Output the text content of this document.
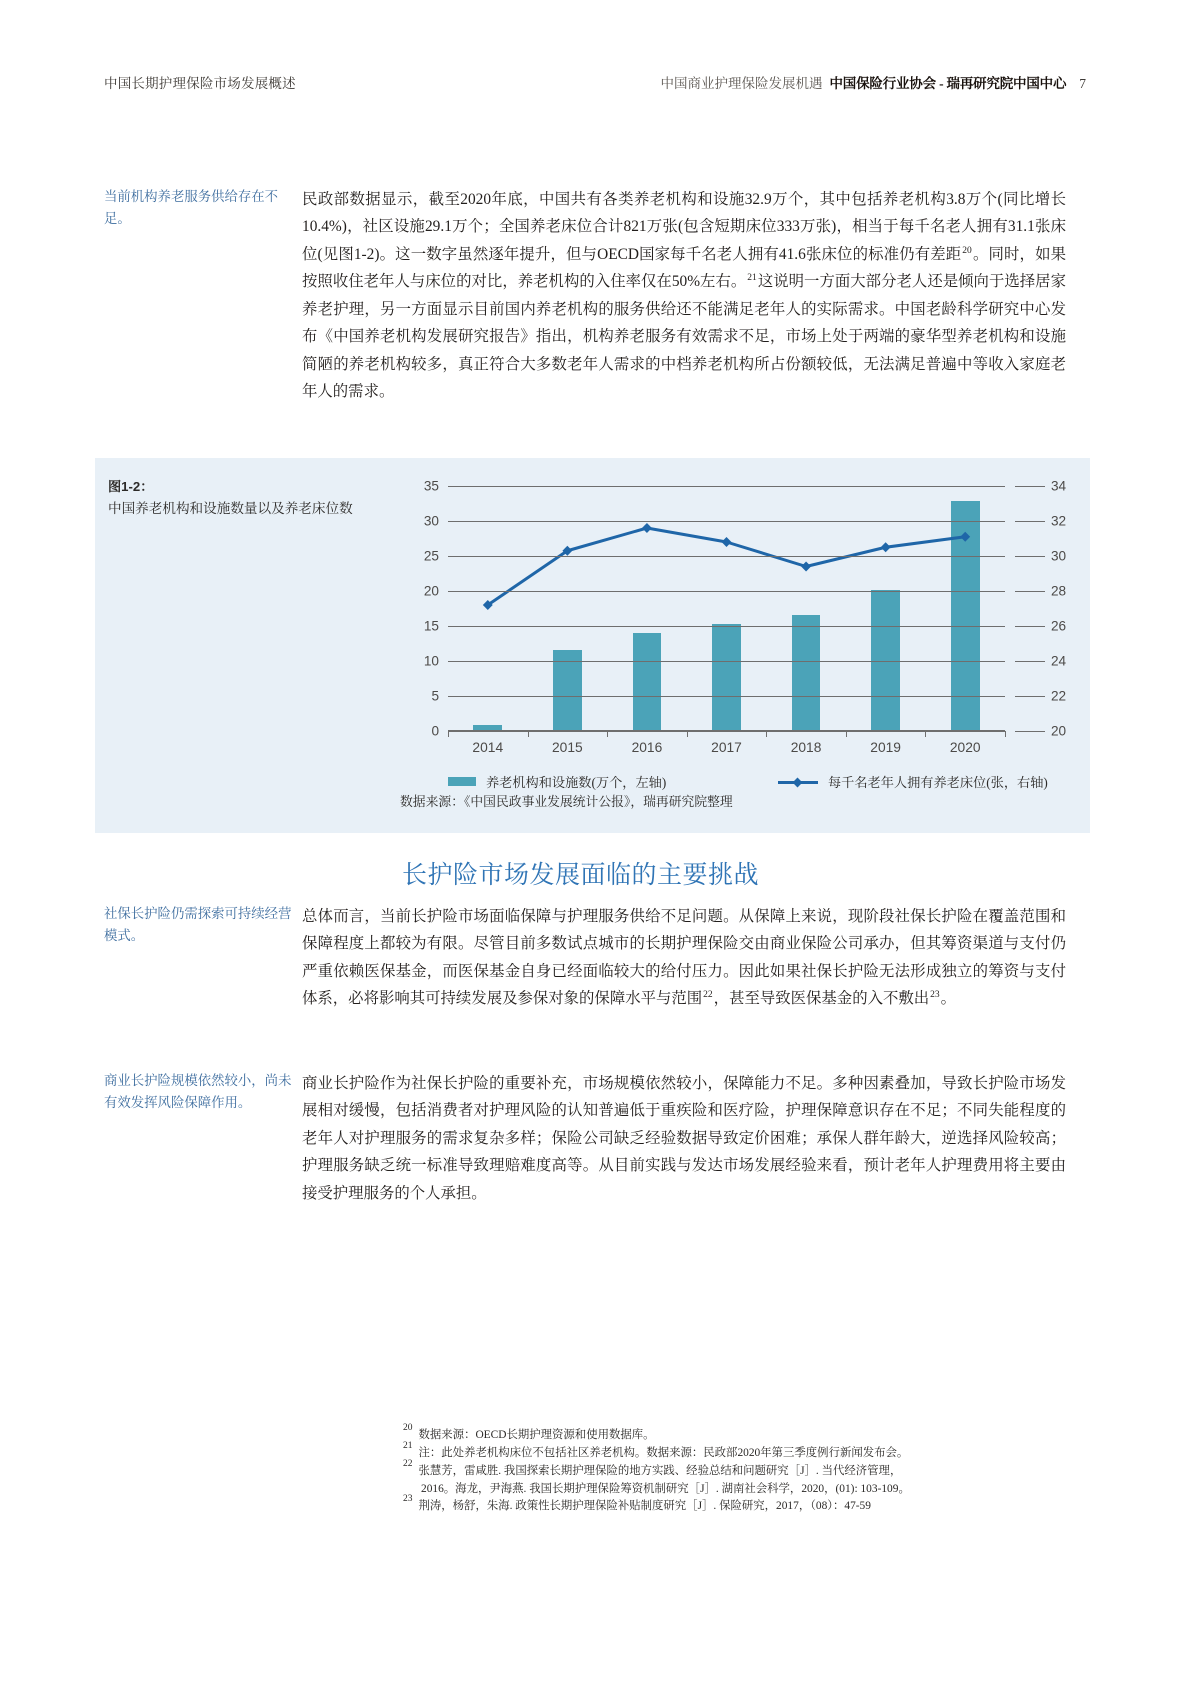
中国长期护理保险市场发展概述	中国商业护理保险发展机遇 中国保险行业协会 - 瑞再研究院中国中心 7
当前机构养老服务供给存在不足。

民政部数据显示，截至2020年底，中国共有各类养老机构和设施32.9万个，其中包括养老机构3.8万个(同比增长10.4%)，社区设施29.1万个；全国养老床位合计821万张(包含短期床位333万张)，相当于每千名老人拥有31.1张床位(见图1-2)。这一数字虽然逐年提升，但与OECD国家每千名老人拥有41.6张床位的标准仍有差距$^{20}$。同时，如果按照收住老年人与床位的对比，养老机构的入住率仅在50%左右。$^{21}$这说明一方面大部分老人还是倾向于选择居家养老护理，另一方面显示目前国内养老机构的服务供给还不能满足老年人的实际需求。中国老龄科学研究中心发布《中国养老机构发展研究报告》指出，机构养老服务有效需求不足，市场上处于两端的豪华型养老机构和设施简陋的养老机构较多，真正符合大多数老年人需求的中档养老机构所占份额较低，无法满足普遍中等收入家庭老年人的需求。

图1-2：
中国养老机构和设施数量以及养老床位数
0
5
10
15
20
25
30
35
20
22
24
26
28
30
32
34
2014	2015	2016	2017	2018	2019	2020
养老机构和设施数(万个，左轴)	每千名老年人拥有养老床位(张，右轴)
数据来源：《中国民政事业发展统计公报》，瑞再研究院整理
长护险市场发展面临的主要挑战
社保长护险仍需探索可持续经营模式。

总体而言，当前长护险市场面临保障与护理服务供给不足问题。从保障上来说，现阶段社保长护险在覆盖范围和保障程度上都较为有限。尽管目前多数试点城市的长期护理保险交由商业保险公司承办，但其筹资渠道与支付仍严重依赖医保基金，而医保基金自身已经面临较大的给付压力。因此如果社保长护险无法形成独立的筹资与支付体系，必将影响其可持续发展及参保对象的保障水平与范围$^{22}$，甚至导致医保基金的入不敷出$^{23}$。

商业长护险规模依然较小，尚未有效发挥风险保障作用。

商业长护险作为社保长护险的重要补充，市场规模依然较小，保障能力不足。多种因素叠加，导致长护险市场发展相对缓慢，包括消费者对护理风险的认知普遍低于重疾险和医疗险，护理保障意识存在不足；不同失能程度的老年人对护理服务的需求复杂多样；保险公司缺乏经验数据导致定价困难；承保人群年龄大，逆选择风险较高；护理服务缺乏统一标准导致理赔难度高等。从目前实践与发达市场发展经验来看，预计老年人护理费用将主要由接受护理服务的个人承担。

20
数据来源：OECD长期护理资源和使用数据库。
21
注：此处养老机构床位不包括社区养老机构。数据来源：民政部2020年第三季度例行新闻发布会。
22
张慧芳，雷咸胜. 我国探索长期护理保险的地方实践、经验总结和问题研究［J］. 当代经济管理，
2016。海龙，尹海燕. 我国长期护理保险筹资机制研究［J］. 湖南社会科学，2020，(01): 103-109。
23
荆涛，杨舒，朱海. 政策性长期护理保险补贴制度研究［J］. 保险研究，2017，（08）：47-59
